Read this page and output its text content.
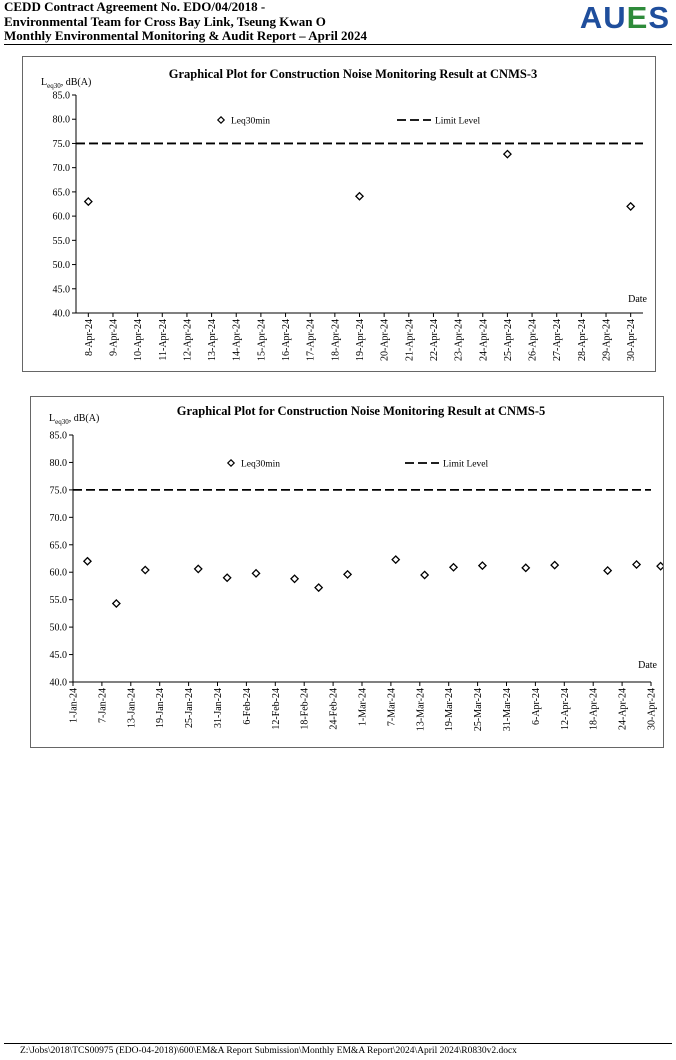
CEDD Contract Agreement No. EDO/04/2018 -
Environmental Team for Cross Bay Link, Tseung Kwan O
Monthly Environmental Monitoring & Audit Report – April 2024
AUES
Graphical Plot for Construction Noise Monitoring Result at CNMS-3
$L_{eq30}$, dB(A)
40.0
45.0
50.0
55.0
60.0
65.0
70.0
75.0
80.0
85.0
8-Apr-24 9-Apr-24 10-Apr-24 11-Apr-24 12-Apr-24 13-Apr-24 14-Apr-24 15-Apr-24 16-Apr-24 17-Apr-24 18-Apr-24 19-Apr-24 20-Apr-24 21-Apr-24 22-Apr-24 23-Apr-24 24-Apr-24 25-Apr-24 26-Apr-24 27-Apr-24 28-Apr-24 29-Apr-24 30-Apr-24
Date
Leq30min	Limit Level
Graphical Plot for Construction Noise Monitoring Result at CNMS-5
$L_{eq30}$, dB(A)
40.0
45.0
50.0
55.0
60.0
65.0
70.0
75.0
80.0
85.0
1-Jan-24 7-Jan-24 13-Jan-24 19-Jan-24 25-Jan-24 31-Jan-24 6-Feb-24 12-Feb-24 18-Feb-24 24-Feb-24 1-Mar-24 7-Mar-24 13-Mar-24 19-Mar-24 25-Mar-24 31-Mar-24 6-Apr-24 12-Apr-24 18-Apr-24 24-Apr-24 30-Apr-24
Date
Leq30min	Limit Level
Z:\Jobs\2018\TCS00975 (EDO-04-2018)\600\EM&A Report Submission\Monthly EM&A Report\2024\April 2024\R0830v2.docx
